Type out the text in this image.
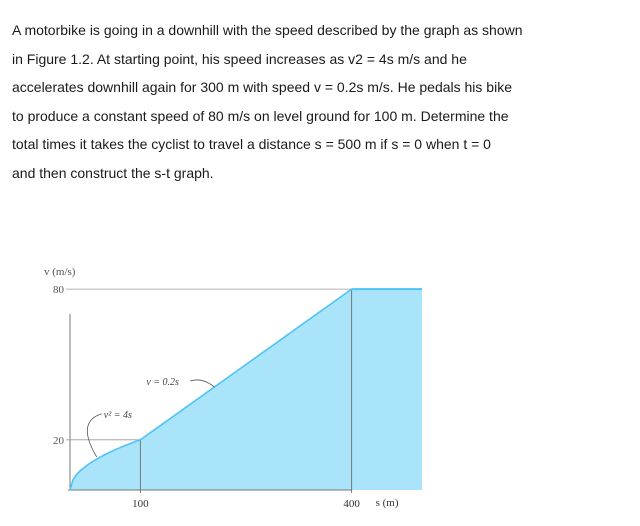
A motorbike is going in a downhill with the speed described by the graph as shown
in Figure 1.2. At starting point, his speed increases as v2 = 4s m/s and he
accelerates downhill again for 300 m with speed v = 0.2s m/s. He pedals his bike
to produce a constant speed of 80 m/s on level ground for 100 m. Determine the
total times it takes the cyclist to travel a distance s = 500 m if s = 0 when t = 0
and then construct the s-t graph.
v (m/s)
s (m)
80
20
100	400
v = 0.2s
v² = 4s
